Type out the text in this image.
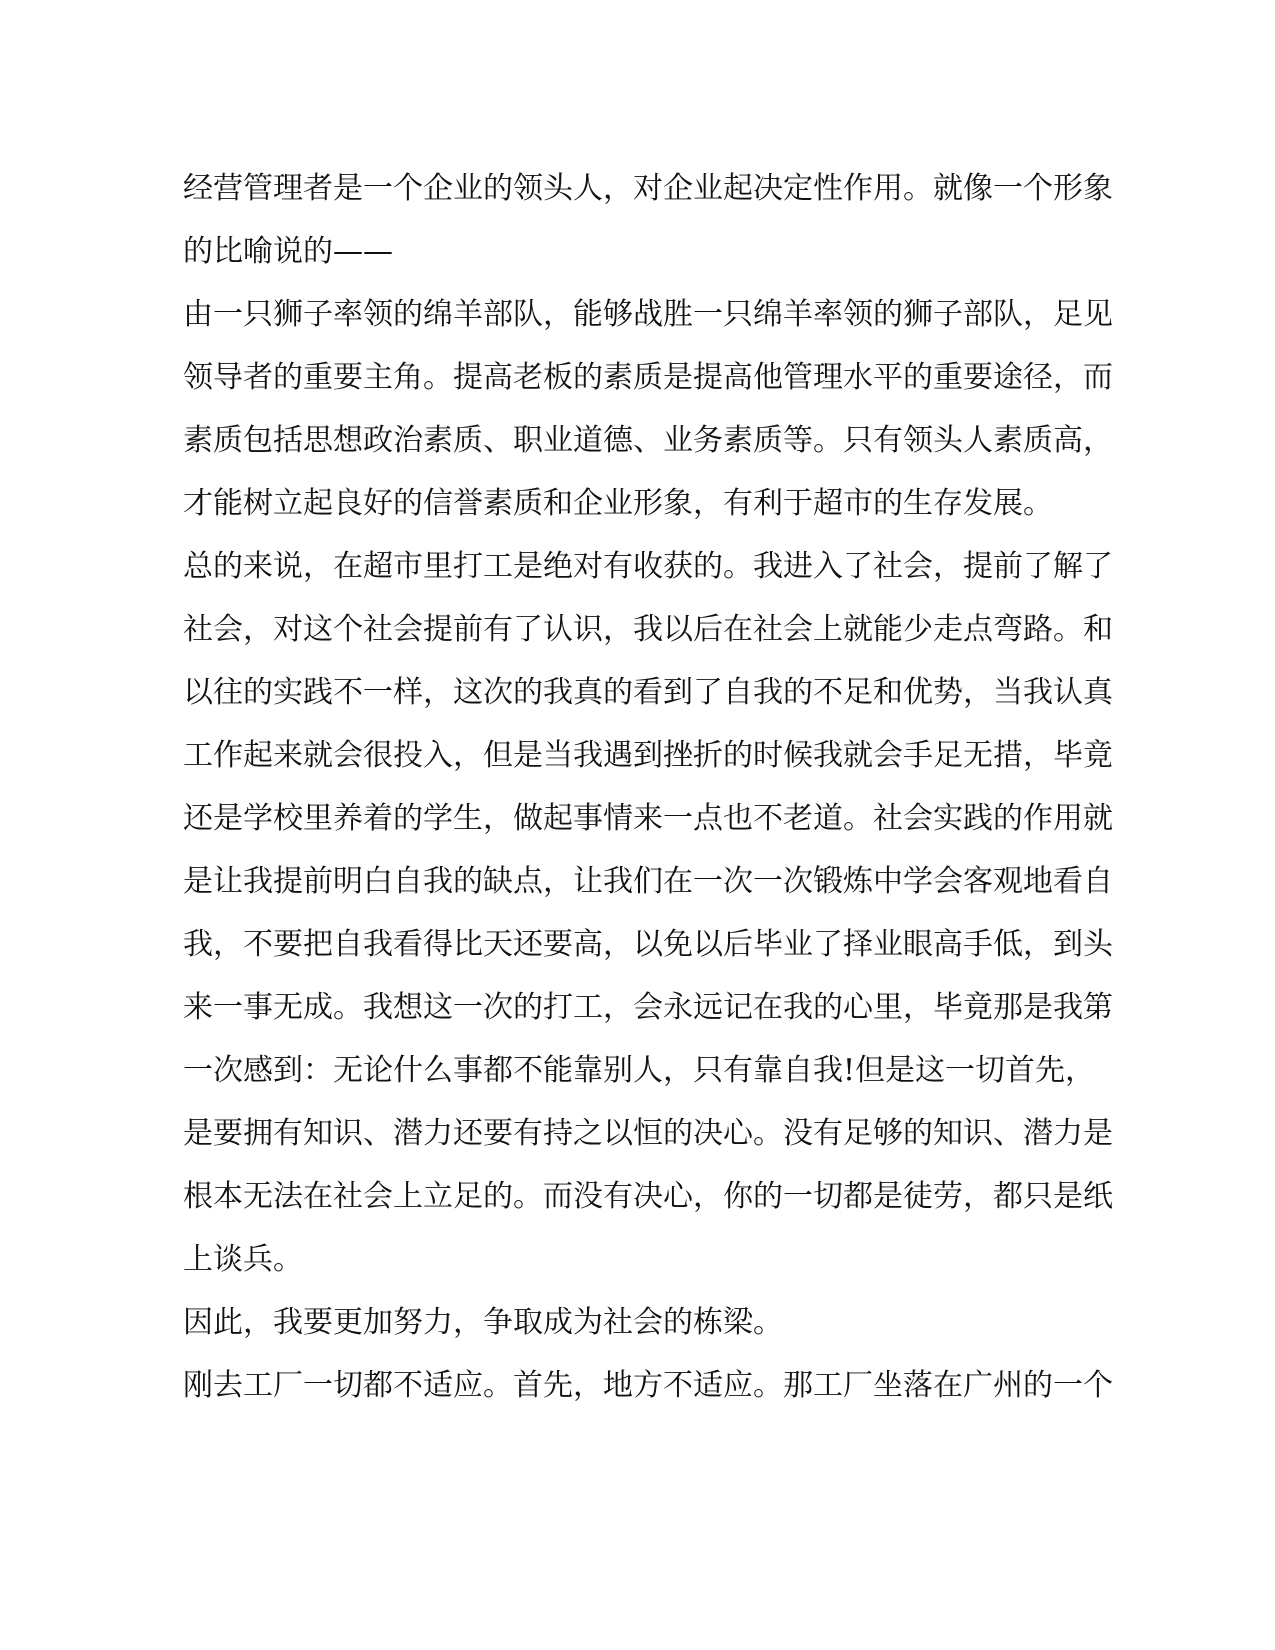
经营管理者是一个企业的领头人，对企业起决定性作用。就像一个形象
的比喻说的——
由一只狮子率领的绵羊部队，能够战胜一只绵羊率领的狮子部队，足见
领导者的重要主角。提高老板的素质是提高他管理水平的重要途径，而
素质包括思想政治素质、职业道德、业务素质等。只有领头人素质高，
才能树立起良好的信誉素质和企业形象，有利于超市的生存发展。
总的来说，在超市里打工是绝对有收获的。我进入了社会，提前了解了
社会，对这个社会提前有了认识，我以后在社会上就能少走点弯路。和
以往的实践不一样，这次的我真的看到了自我的不足和优势，当我认真
工作起来就会很投入，但是当我遇到挫折的时候我就会手足无措，毕竟
还是学校里养着的学生，做起事情来一点也不老道。社会实践的作用就
是让我提前明白自我的缺点，让我们在一次一次锻炼中学会客观地看自
我，不要把自我看得比天还要高，以免以后毕业了择业眼高手低，到头
来一事无成。我想这一次的打工，会永远记在我的心里，毕竟那是我第
一次感到：无论什么事都不能靠别人，只有靠自我!但是这一切首先，
是要拥有知识、潜力还要有持之以恒的决心。没有足够的知识、潜力是
根本无法在社会上立足的。而没有决心，你的一切都是徒劳，都只是纸
上谈兵。
因此，我要更加努力，争取成为社会的栋梁。
刚去工厂一切都不适应。首先，地方不适应。那工厂坐落在广州的一个
